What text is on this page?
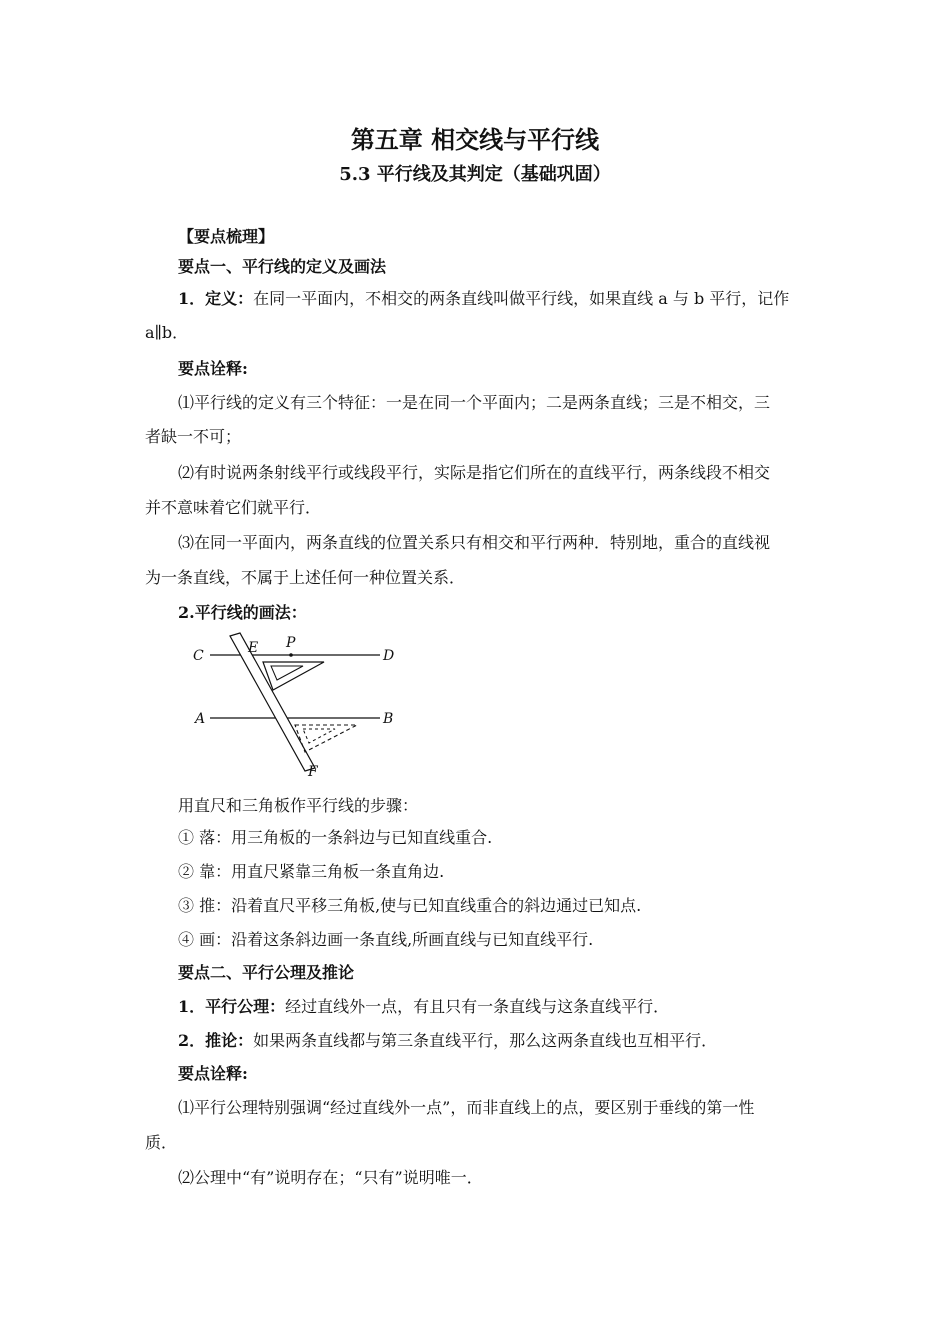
第五章 相交线与平行线
5.3 平行线及其判定（基础巩固）
【要点梳理】
要点一、平行线的定义及画法
1．定义：在同一平面内，不相交的两条直线叫做平行线，如果直线 a 与 b 平行，记作
a∥b．
要点诠释:
⑴平行线的定义有三个特征：一是在同一个平面内；二是两条直线；三是不相交，三
者缺一不可；
⑵有时说两条射线平行或线段平行，实际是指它们所在的直线平行，两条线段不相交
并不意味着它们就平行．
⑶在同一平面内，两条直线的位置关系只有相交和平行两种．特别地，重合的直线视
为一条直线，不属于上述任何一种位置关系．
2.平行线的画法：
C	D
A	B
E P
F
用直尺和三角板作平行线的步骤：
① 落：用三角板的一条斜边与已知直线重合.
② 靠：用直尺紧靠三角板一条直角边.
③ 推：沿着直尺平移三角板,使与已知直线重合的斜边通过已知点.
④ 画：沿着这条斜边画一条直线,所画直线与已知直线平行.
要点二、平行公理及推论
1．平行公理：经过直线外一点，有且只有一条直线与这条直线平行．
2．推论：如果两条直线都与第三条直线平行，那么这两条直线也互相平行．
要点诠释:
⑴平行公理特别强调“经过直线外一点”，而非直线上的点，要区别于垂线的第一性
质．
⑵公理中“有”说明存在；“只有”说明唯一．
